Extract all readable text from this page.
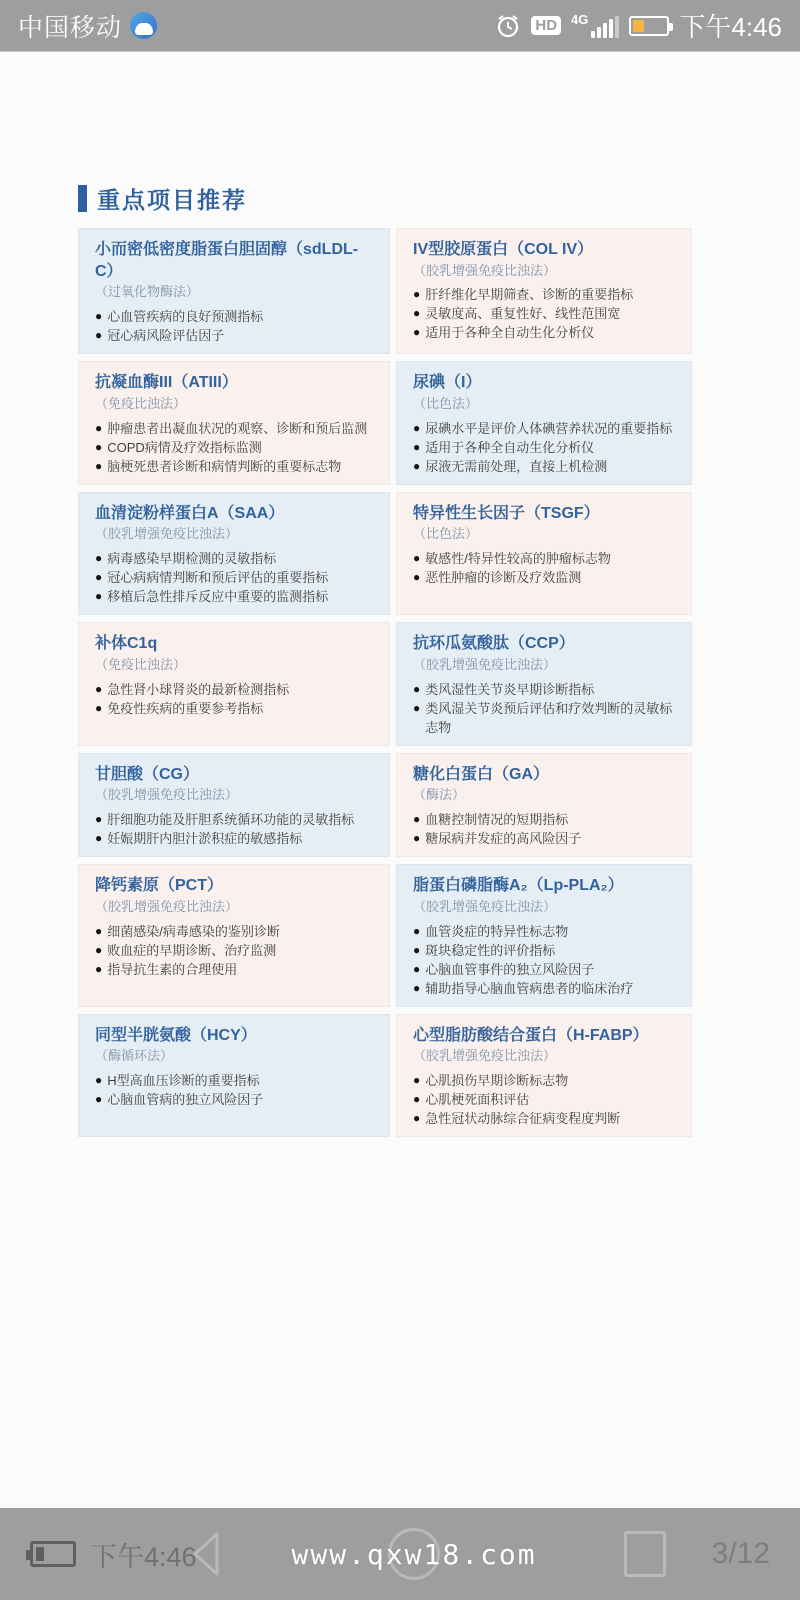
中国移动	HD	4G	下午4:46
重点项目推荐
小而密低密度脂蛋白胆固醇（sdLDL-C）
（过氧化物酶法）
● 心血管疾病的良好预测指标
● 冠心病风险评估因子
IV型胶原蛋白（COL IV）
（胶乳增强免疫比浊法）
● 肝纤维化早期筛查、诊断的重要指标
● 灵敏度高、重复性好、线性范围宽
● 适用于各种全自动生化分析仪
抗凝血酶III（ATIII）
（免疫比浊法）
● 肿瘤患者出凝血状况的观察、诊断和预后监测
● COPD病情及疗效指标监测
● 脑梗死患者诊断和病情判断的重要标志物
尿碘（I）
（比色法）
● 尿碘水平是评价人体碘营养状况的重要指标
● 适用于各种全自动生化分析仪
● 尿液无需前处理，直接上机检测
血清淀粉样蛋白A（SAA）
（胶乳增强免疫比浊法）
● 病毒感染早期检测的灵敏指标
● 冠心病病情判断和预后评估的重要指标
● 移植后急性排斥反应中重要的监测指标
特异性生长因子（TSGF）
（比色法）
● 敏感性/特异性较高的肿瘤标志物
● 恶性肿瘤的诊断及疗效监测
补体C1q
（免疫比浊法）
● 急性肾小球肾炎的最新检测指标
● 免疫性疾病的重要参考指标
抗环瓜氨酸肽（CCP）
（胶乳增强免疫比浊法）
● 类风湿性关节炎早期诊断指标
● 类风湿关节炎预后评估和疗效判断的灵敏标志物
甘胆酸（CG）
（胶乳增强免疫比浊法）
● 肝细胞功能及肝胆系统循环功能的灵敏指标
● 妊娠期肝内胆汁淤积症的敏感指标
糖化白蛋白（GA）
（酶法）
● 血糖控制情况的短期指标
● 糖尿病并发症的高风险因子
降钙素原（PCT）
（胶乳增强免疫比浊法）
● 细菌感染/病毒感染的鉴别诊断
● 败血症的早期诊断、治疗监测
● 指导抗生素的合理使用
脂蛋白磷脂酶A₂（Lp-PLA₂）
（胶乳增强免疫比浊法）
● 血管炎症的特异性标志物
● 斑块稳定性的评价指标
● 心脑血管事件的独立风险因子
● 辅助指导心脑血管病患者的临床治疗
同型半胱氨酸（HCY）
（酶循环法）
● H型高血压诊断的重要指标
● 心脑血管病的独立风险因子
心型脂肪酸结合蛋白（H-FABP）
（胶乳增强免疫比浊法）
● 心肌损伤早期诊断标志物
● 心肌梗死面积评估
● 急性冠状动脉综合征病变程度判断
下午4:46	www.qxw18.com	3/12
